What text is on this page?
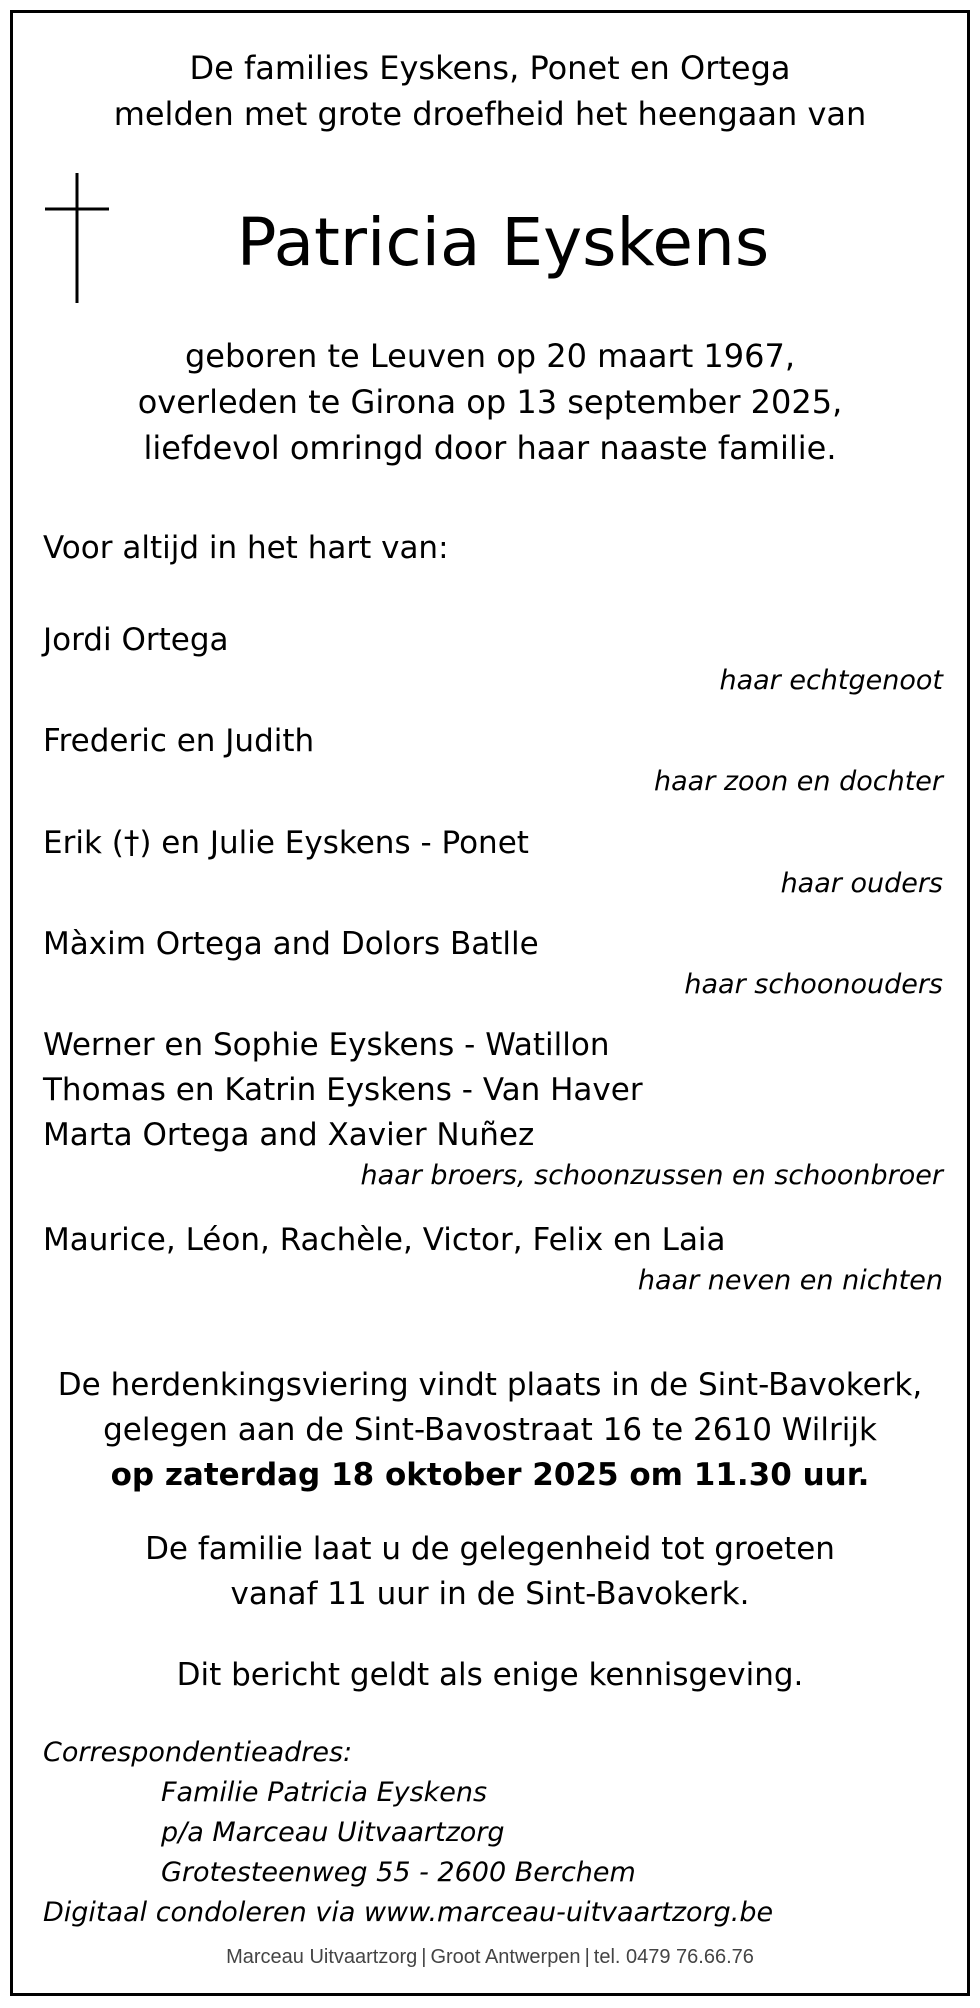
De families Eyskens, Ponet en Ortega
melden met grote droefheid het heengaan van
Patricia Eyskens
geboren te Leuven op 20 maart 1967,
overleden te Girona op 13 september 2025,
liefdevol omringd door haar naaste familie.
Voor altijd in het hart van:
Jordi Ortega
haar echtgenoot
Frederic en Judith
haar zoon en dochter
Erik (†) en Julie Eyskens - Ponet
haar ouders
Màxim Ortega and Dolors Batlle
haar schoonouders
Werner en Sophie Eyskens - Watillon
Thomas en Katrin Eyskens - Van Haver
Marta Ortega and Xavier Nuñez
haar broers, schoonzussen en schoonbroer
Maurice, Léon, Rachèle, Victor, Felix en Laia
haar neven en nichten
De herdenkingsviering vindt plaats in de Sint-Bavokerk,
gelegen aan de Sint-Bavostraat 16 te 2610 Wilrijk
op zaterdag 18 oktober 2025 om 11.30 uur.
De familie laat u de gelegenheid tot groeten
vanaf 11 uur in de Sint-Bavokerk.
Dit bericht geldt als enige kennisgeving.
Correspondentieadres:
Familie Patricia Eyskens
p/a Marceau Uitvaartzorg
Grotesteenweg 55 - 2600 Berchem
Digitaal condoleren via www.marceau-uitvaartzorg.be
Marceau Uitvaartzorg | Groot Antwerpen | tel. 0479 76.66.76
